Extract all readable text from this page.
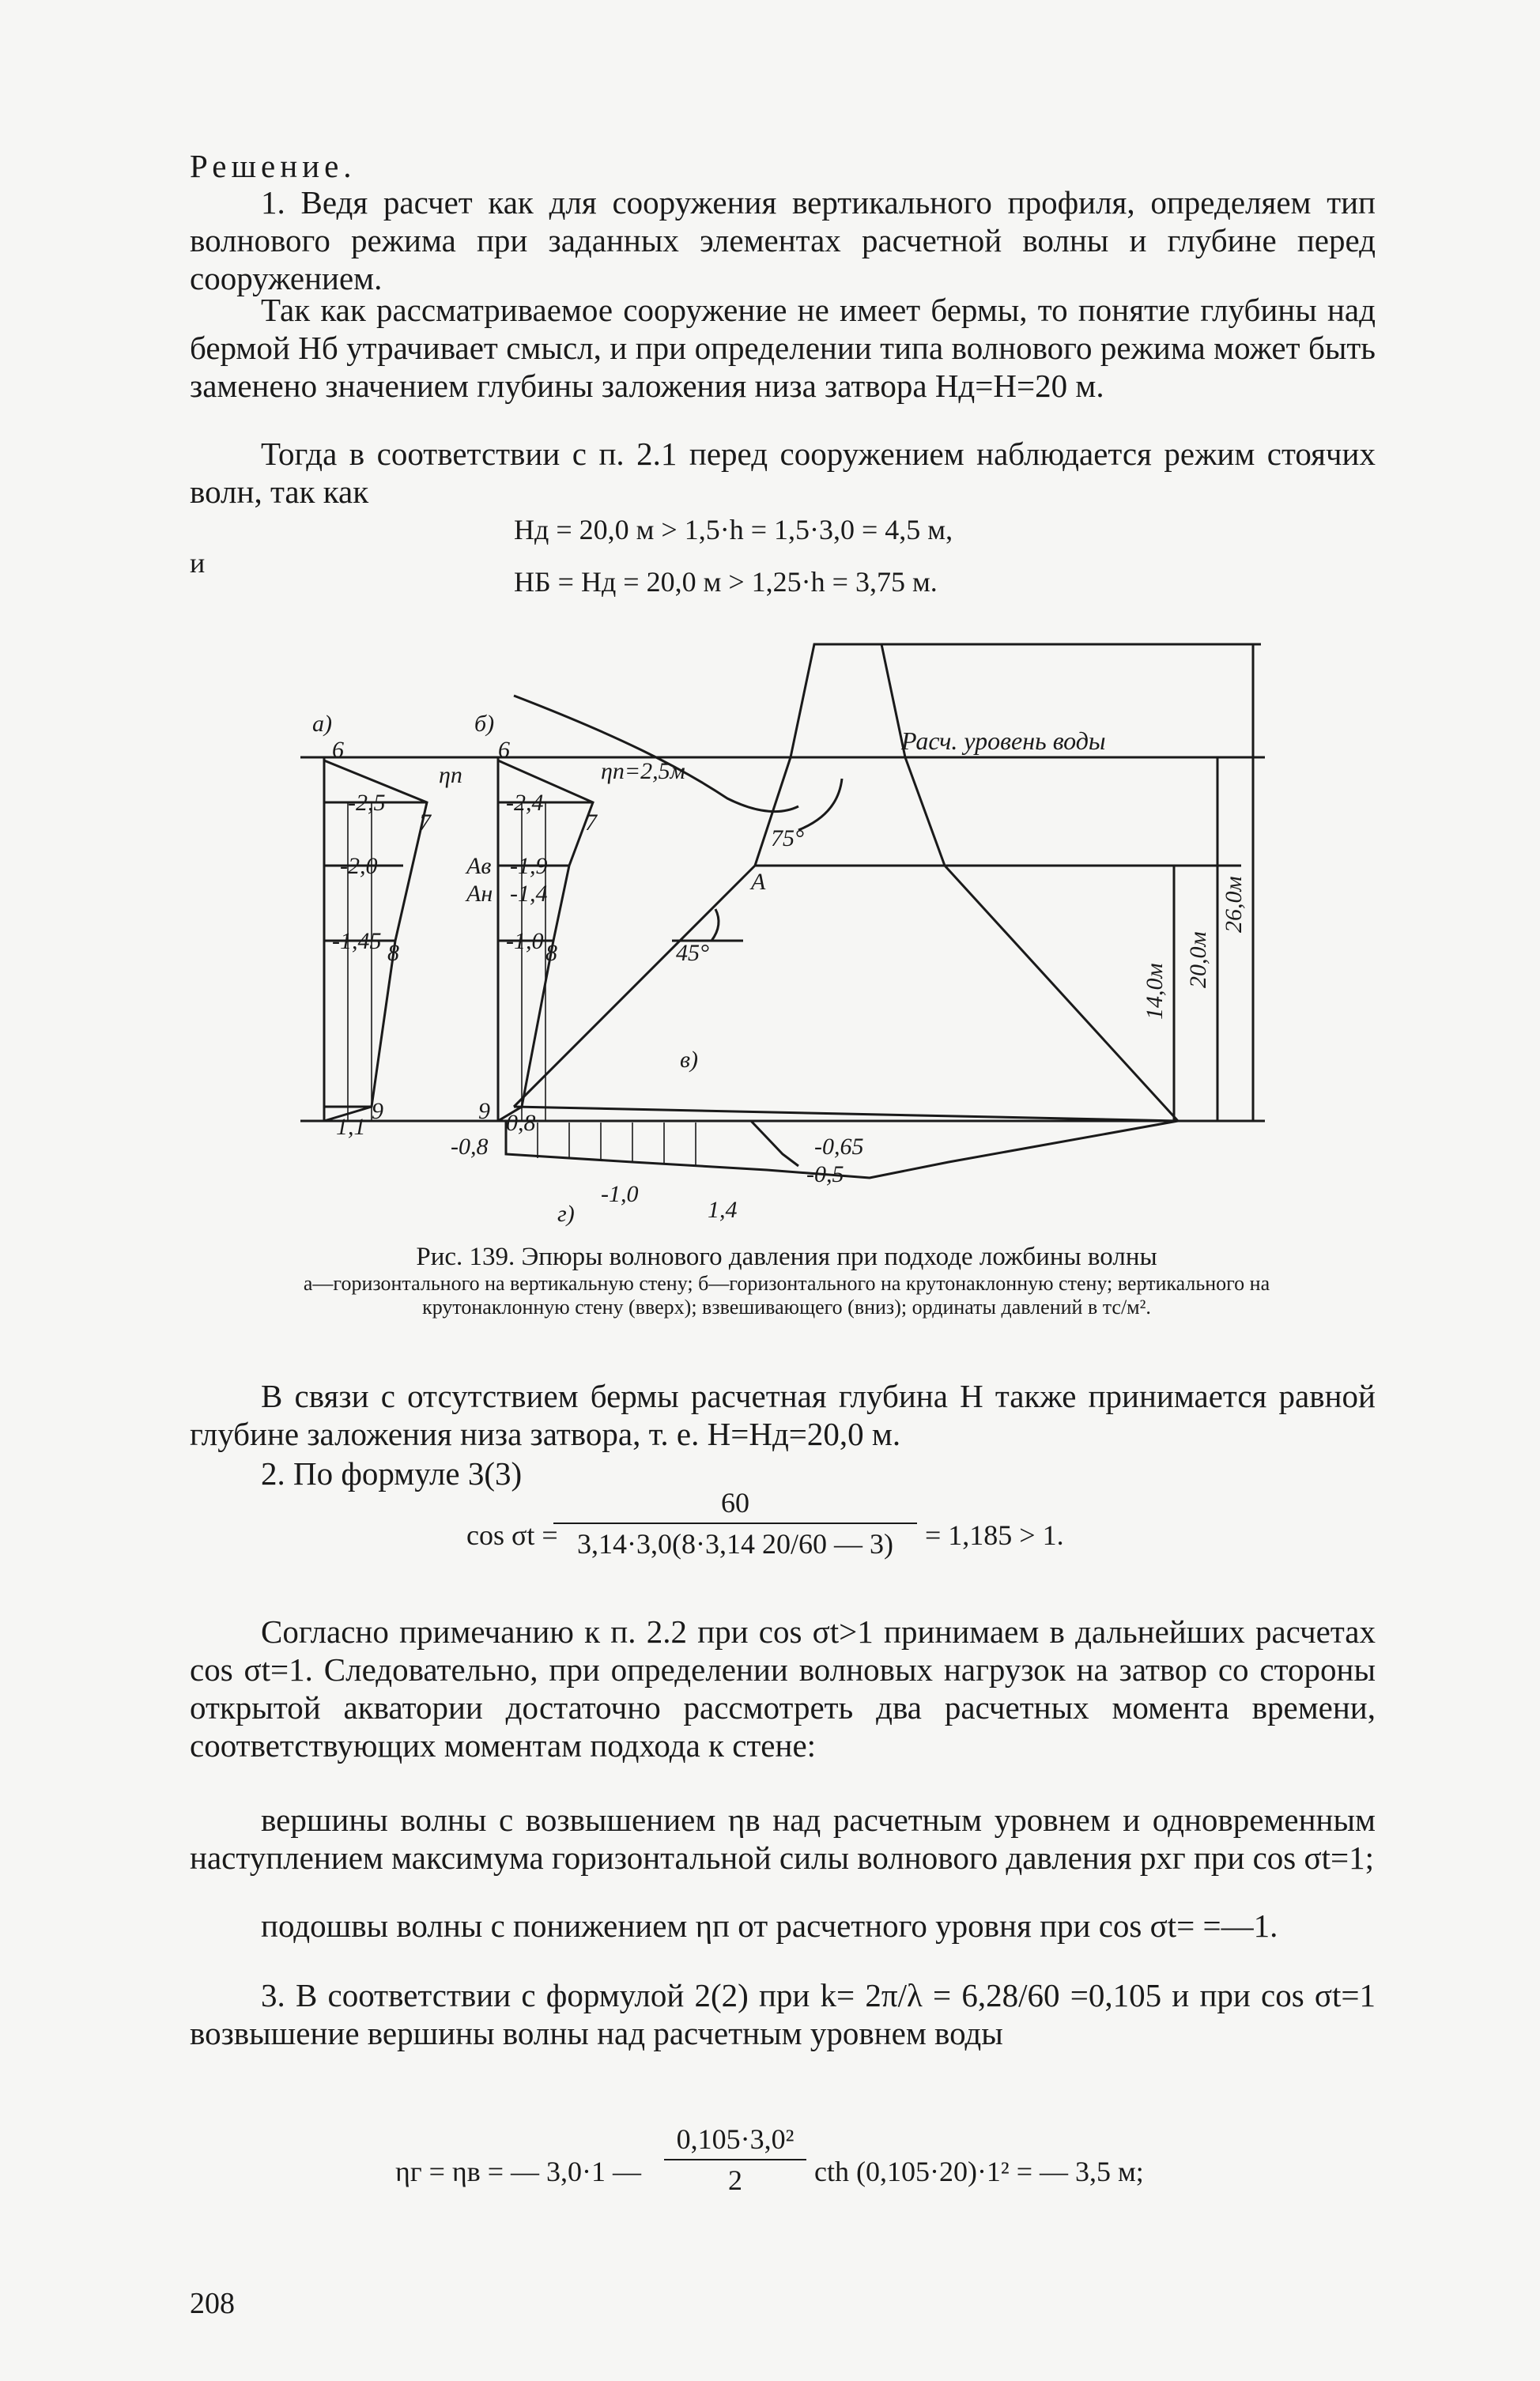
Решение.

1. Ведя расчет как для сооружения вертикального профиля, определяем тип волнового режима при заданных элементах расчетной волны и глубине перед сооружением.

Так как рассматриваемое сооружение не имеет бермы, то понятие глубины над бермой Hб утрачивает смысл, и при определении типа волнового режима может быть заменено значением глубины заложения низа затвора Hд=H=20 м.

Тогда в соответствии с п. 2.1 перед сооружением наблюдается режим стоячих волн, так как

Hд = 20,0 м > 1,5·h = 1,5·3,0 = 4,5 м,
и
HБ = Hд = 20,0 м > 1,25·h = 3,75 м.
а)	б)
в)
г)
Расч. уровень воды
ηп	ηп=2,5м
75°
45°
A
Aв
Aн	26,0м
20,0м
14,0м
-2,5
-2,0
-1,45
1,1
-2,4
-1,9
-1,4
-1,0
0,8
-0,8
-1,0
1,4
-0,65
-0,5
6
7
8
9
6
7
8
9
Рис. 139. Эпюры волнового давления при подходе ложбины волны
а—горизонтального на вертикальную стену; б—горизонтального на крутонаклонную стену; вертикального на крутонаклонную стену (вверх); взвешивающего (вниз); ординаты давлений в тс/м².

В связи с отсутствием бермы расчетная глубина H также принимается равной глубине заложения низа затвора, т. е. H=Hд=20,0 м.

2. По формуле 3(3)

cos σt =
60
3,14·3,0(8·3,14 20/60 — 3)	= 1,185 > 1.

Согласно примечанию к п. 2.2 при cos σt>1 принимаем в дальнейших расчетах cos σt=1. Следовательно, при определении волновых нагрузок на затвор со стороны открытой акватории достаточно рассмотреть два расчетных момента времени, соответствующих моментам подхода к стене:

вершины волны с возвышением ηв над расчетным уровнем и одновременным наступлением максимума горизонтальной силы волнового давления pхг при cos σt=1;

подошвы волны с понижением ηп от расчетного уровня при cos σt= =—1.

3. В соответствии с формулой 2(2) при k= 2π/λ = 6,28/60 =0,105 и при cos σt=1 возвышение вершины волны над расчетным уровнем воды

ηг = ηв = — 3,0·1 —
0,105·3,0²
2	cth (0,105·20)·1² = — 3,5 м;
208
